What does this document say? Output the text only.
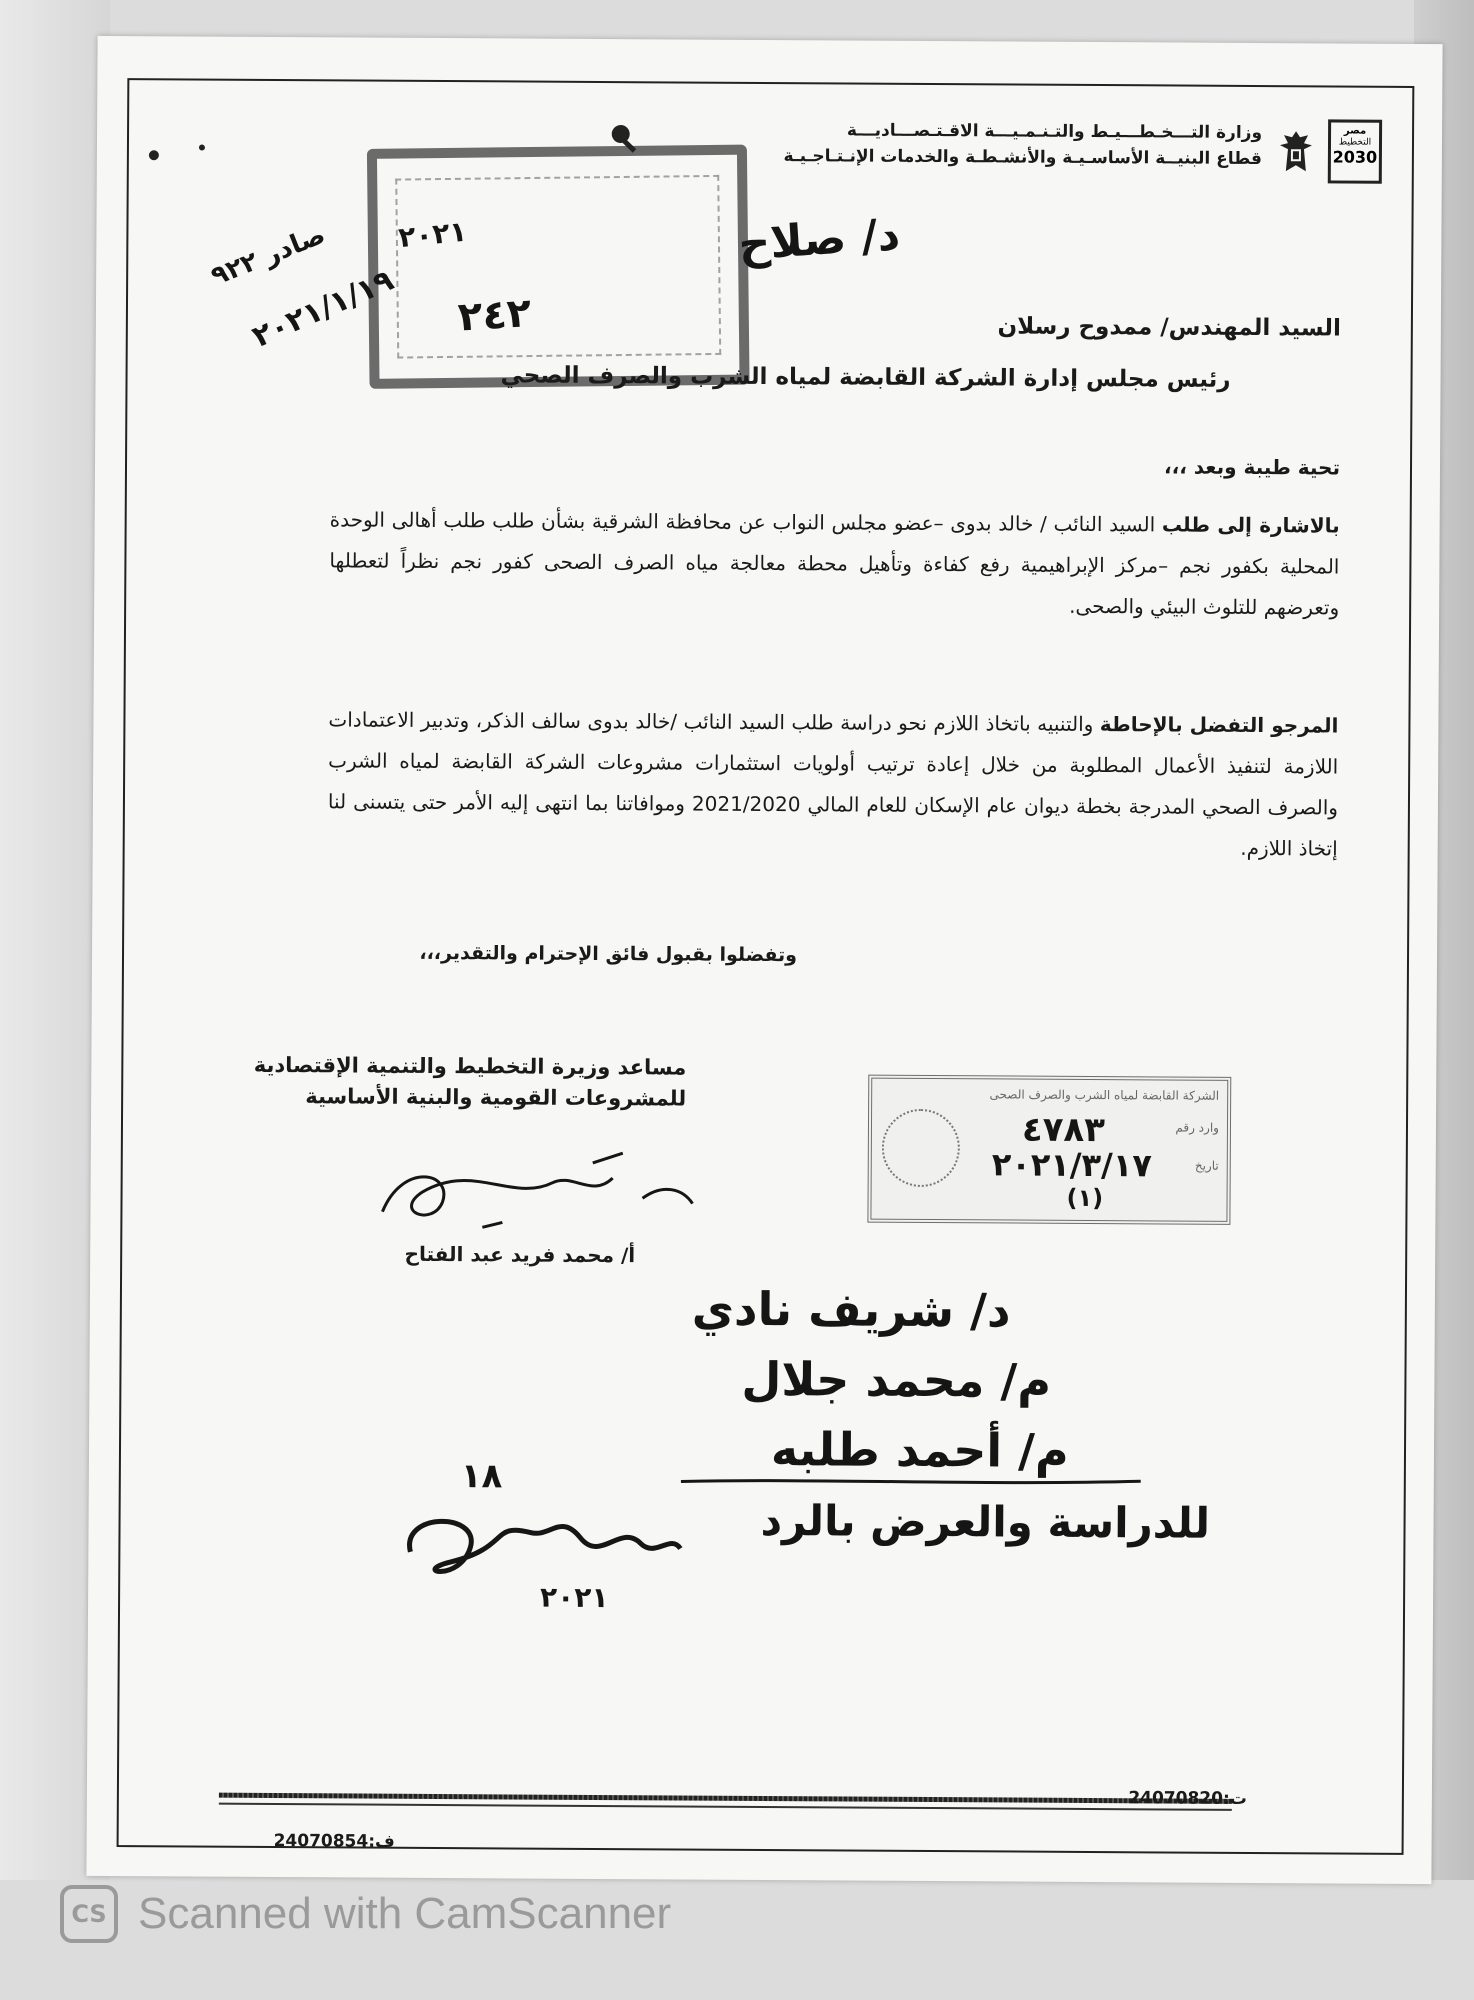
مصر
التخطيط
2030
وزارة التـــخـطـــيـط والتـنـمـيـــة الاقـتـصـــاديـــة
قطاع البنيــة الأساسـيـة والأنشـطـة والخدمات الإنـتـاجـيـة
د/ صلاح
صادر ٩٢٢
٢٠٢١/١/١٩ ٢٤٢
٢٠٢١
السيد المهندس/ ممدوح رسلان
رئيس مجلس إدارة الشركة القابضة لمياه الشرب والصرف الصحي
تحية طيبة وبعد ،،،
بالاشارة إلى طلب السيد النائب / خالد بدوى –عضو مجلس النواب عن محافظة الشرقية بشأن طلب طلب أهالى الوحدة المحلية بكفور نجم –مركز الإبراهيمية رفع كفاءة وتأهيل محطة معالجة مياه الصرف الصحى كفور نجم نظراً لتعطلها وتعرضهم للتلوث البيئي والصحى.
المرجو التفضل بالإحاطة والتنبيه باتخاذ اللازم نحو دراسة طلب السيد النائب /خالد بدوى سالف الذكر، وتدبير الاعتمادات اللازمة لتنفيذ الأعمال المطلوبة من خلال إعادة ترتيب أولويات استثمارات مشروعات الشركة القابضة لمياه الشرب والصرف الصحي المدرجة بخطة ديوان عام الإسكان للعام المالي 2021/2020 وموافاتنا بما انتهى إليه الأمر حتى يتسنى لنا إتخاذ اللازم.
وتفضلوا بقبول فائق الإحترام والتقدير،،،
مساعد وزيرة التخطيط والتنمية الإقتصادية
للمشروعات القومية والبنية الأساسية
أ/ محمد فريد عبد الفتاح
الشركة القابضة لمياه الشرب والصرف الصحى
وارد رقم
٤٧٨٣
تاريخ
٢٠٢١/٣/١٧
(١)
د/ شريف نادي
م/ محمد جلال
م/ أحمد طلبه
للدراسة والعرض بالرد
١٨
٢٠٢١
ت:24070820
ف:24070854
CS Scanned with CamScanner
